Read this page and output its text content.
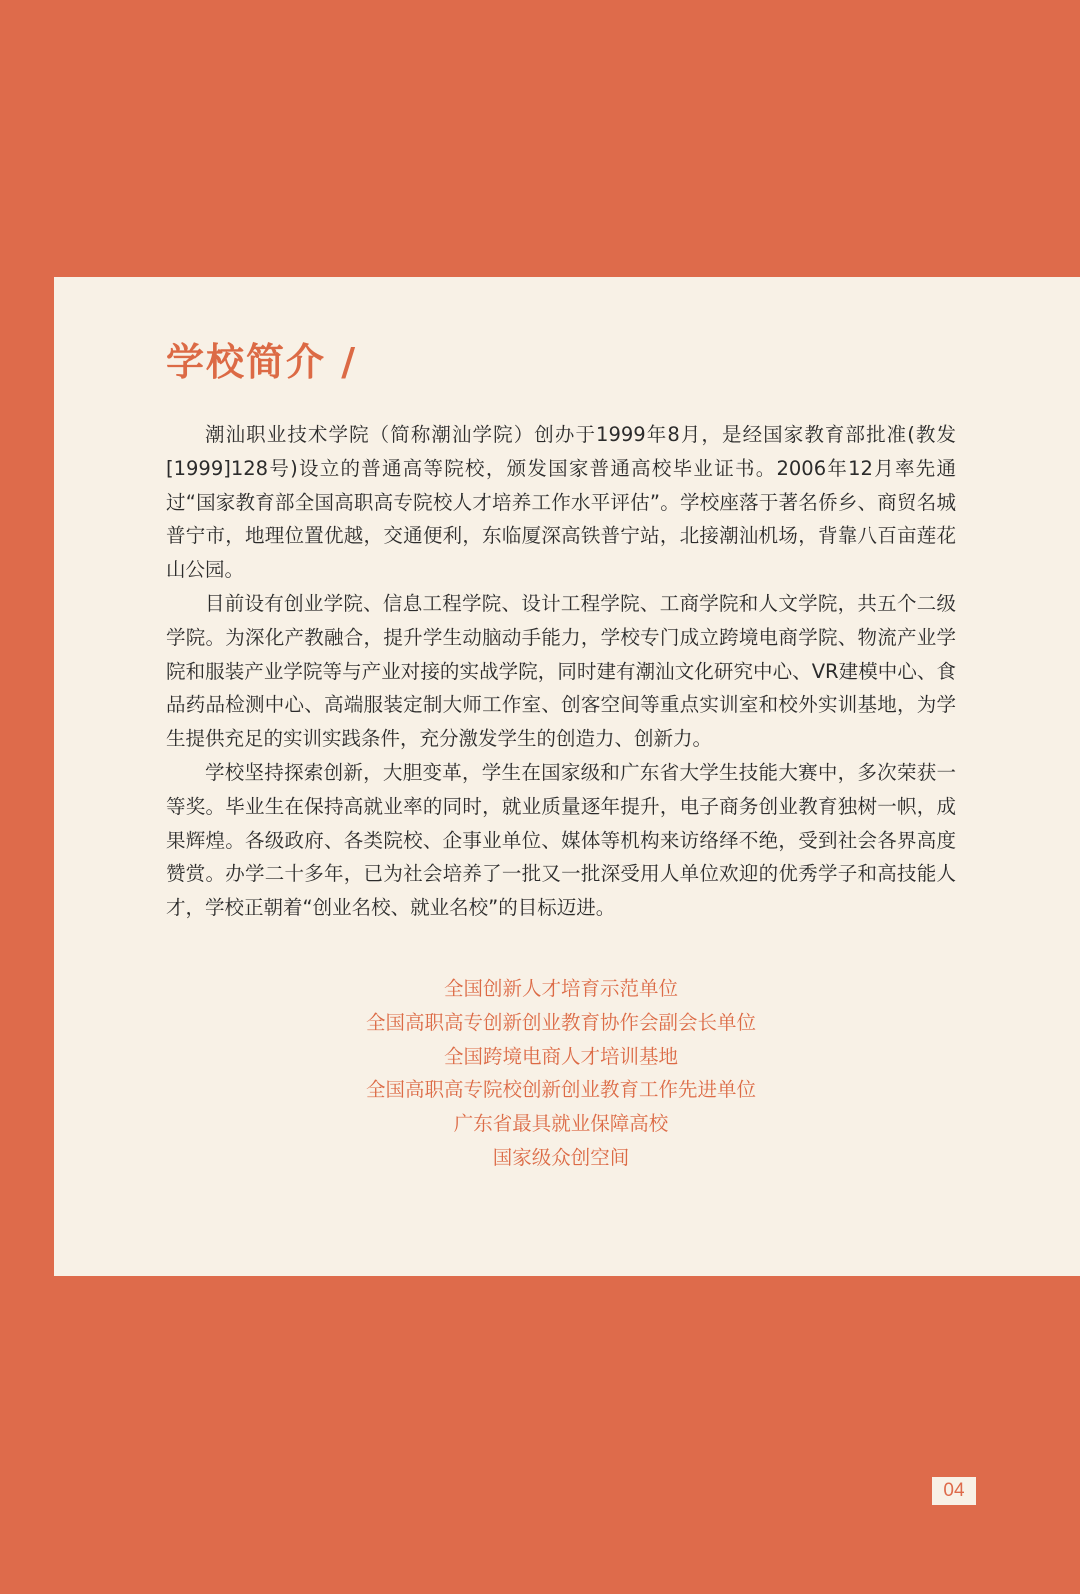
学校简介 /

潮汕职业技术学院（简称潮汕学院）创办于1999年8月，是经国家教育部批准(教发[1999]128号)设立的普通高等院校，颁发国家普通高校毕业证书。2006年12月率先通过“国家教育部全国高职高专院校人才培养工作水平评估”。学校座落于著名侨乡、商贸名城普宁市，地理位置优越，交通便利，东临厦深高铁普宁站，北接潮汕机场，背靠八百亩莲花山公园。

目前设有创业学院、信息工程学院、设计工程学院、工商学院和人文学院，共五个二级学院。为深化产教融合，提升学生动脑动手能力，学校专门成立跨境电商学院、物流产业学院和服装产业学院等与产业对接的实战学院，同时建有潮汕文化研究中心、VR建模中心、食品药品检测中心、高端服装定制大师工作室、创客空间等重点实训室和校外实训基地，为学生提供充足的实训实践条件，充分激发学生的创造力、创新力。

学校坚持探索创新，大胆变革，学生在国家级和广东省大学生技能大赛中，多次荣获一等奖。毕业生在保持高就业率的同时，就业质量逐年提升，电子商务创业教育独树一帜，成果辉煌。各级政府、各类院校、企事业单位、媒体等机构来访络绎不绝，受到社会各界高度赞赏。办学二十多年，已为社会培养了一批又一批深受用人单位欢迎的优秀学子和高技能人才，学校正朝着“创业名校、就业名校”的目标迈进。

全国创新人才培育示范单位
全国高职高专创新创业教育协作会副会长单位
全国跨境电商人才培训基地
全国高职高专院校创新创业教育工作先进单位
广东省最具就业保障高校
国家级众创空间
04
